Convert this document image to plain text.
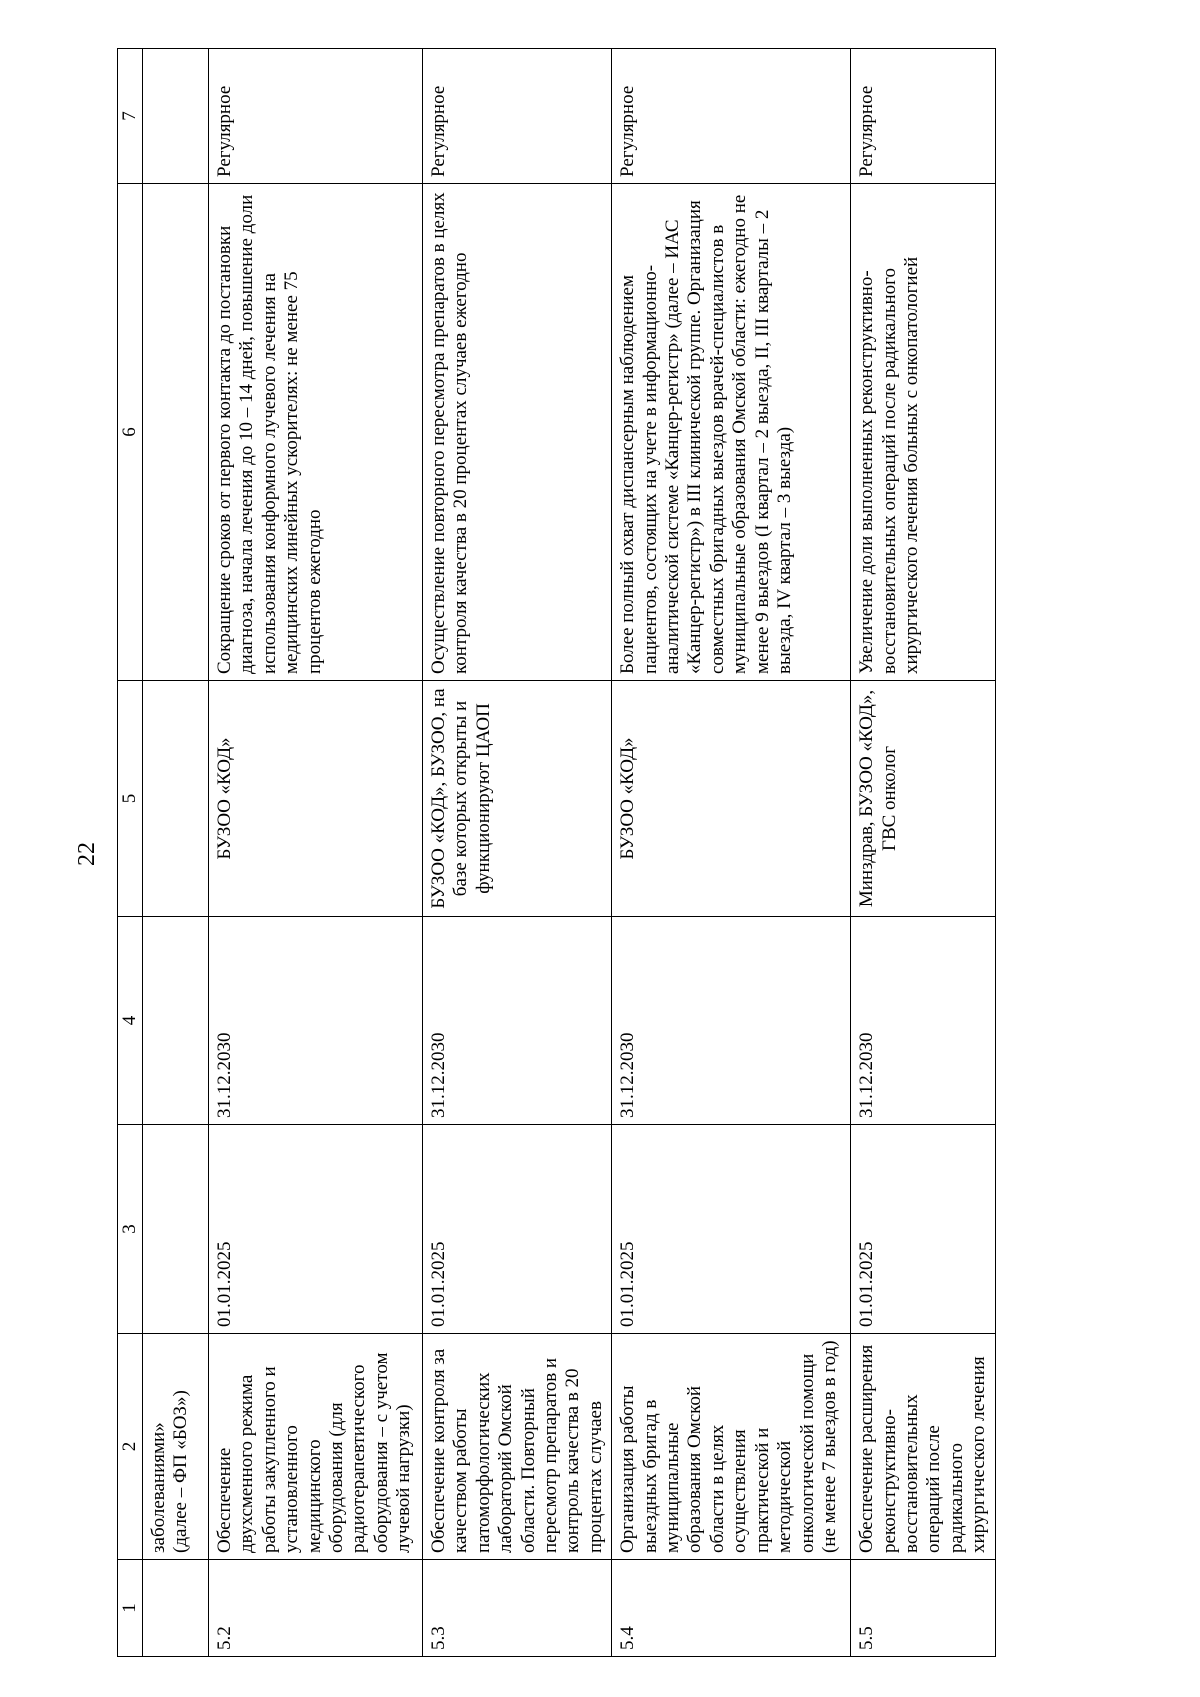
22
1	2	3	4	5	6	7
	заболеваниями»
(далее – ФП «БОЗ»)					
5.2	Обеспечение двухсменного режима работы закупленного и установленного медицинского оборудования (для радиотерапевтического оборудования – с учетом лучевой нагрузки)	01.01.2025	31.12.2030	БУЗОО «КОД»	Сокращение сроков от первого контакта до постановки диагноза, начала лечения до 10 – 14 дней, повышение доли использования конформного лучевого лечения на медицинских линейных ускорителях: не менее 75 процентов ежегодно	Регулярное
5.3	Обеспечение контроля за качеством работы патоморфологических лабораторий Омской области. Повторный пересмотр препаратов и контроль качества в 20 процентах случаев	01.01.2025	31.12.2030	БУЗОО «КОД», БУЗОО, на базе которых открыты и функционируют ЦАОП	Осуществление повторного пересмотра препаратов в целях контроля качества в 20 процентах случаев ежегодно	Регулярное
5.4	Организация работы выездных бригад в муниципальные образования Омской области в целях осуществления практической и методической онкологической помощи (не менее 7 выездов в год)	01.01.2025	31.12.2030	БУЗОО «КОД»	Более полный охват диспансерным наблюдением пациентов, состоящих на учете в информационно-аналитической системе «Канцер-регистр» (далее – ИАС «Канцер-регистр») в III клинической группе. Организация совместных бригадных выездов врачей-специалистов в муниципальные образования Омской области: ежегодно не менее 9 выездов (I квартал – 2 выезда, II, III кварталы – 2 выезда, IV квартал – 3 выезда)	Регулярное
5.5	Обеспечение расширения реконструктивно-восстановительных операций после радикального хирургического лечения	01.01.2025	31.12.2030	Минздрав, БУЗОО «КОД», ГВС онколог	Увеличение доли выполненных реконструктивно-восстановительных операций после радикального хирургического лечения больных с онкопатологией	Регулярное
